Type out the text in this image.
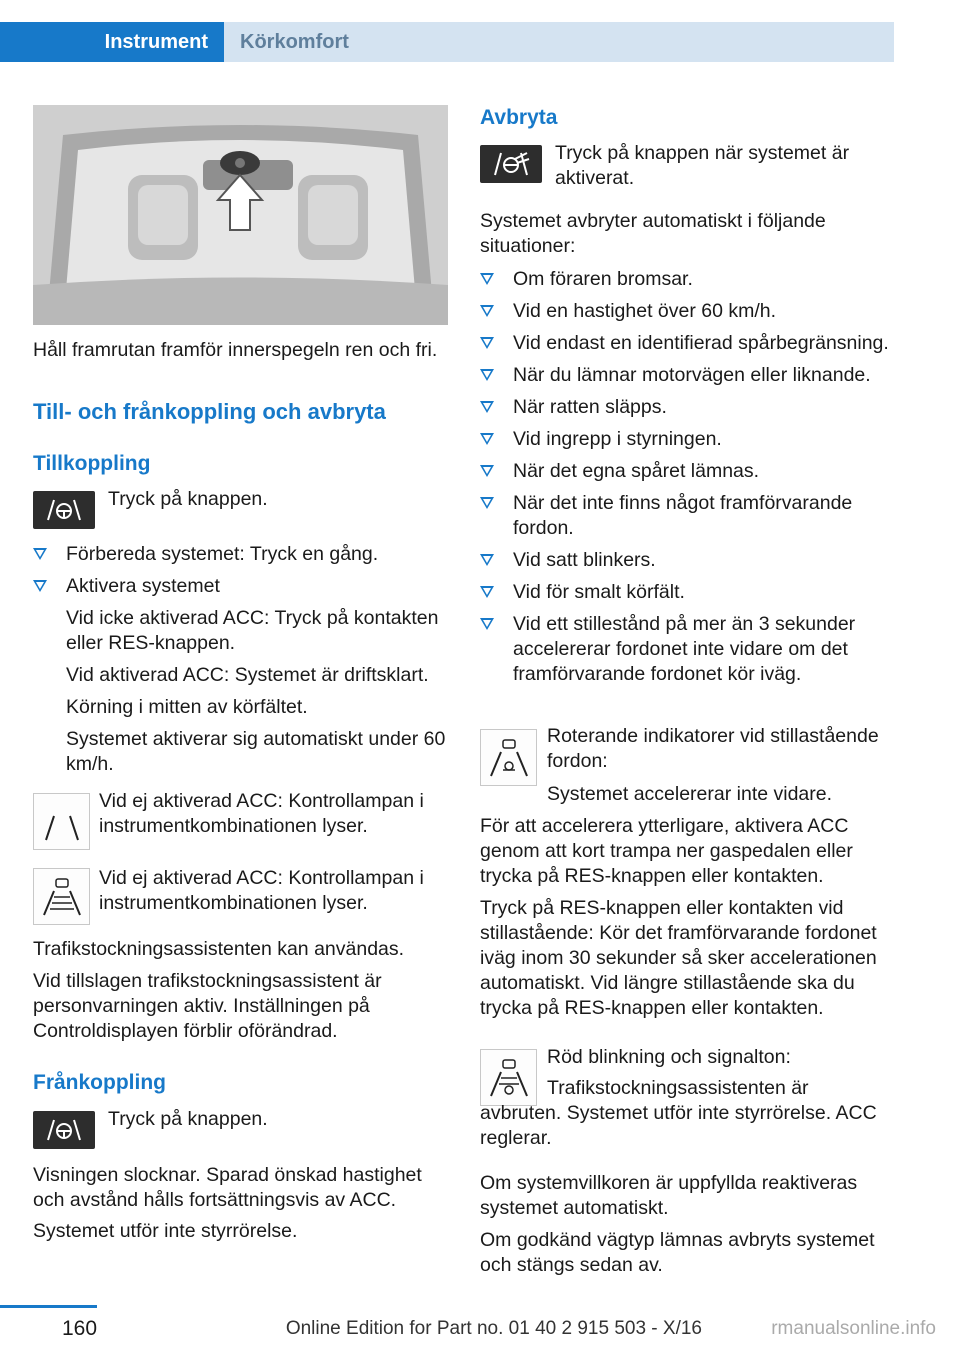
Instrument Körkomfort

Håll framrutan framför innerspegeln ren och fri.

Till- och frånkoppling och avbryta
Tillkoppling

Tryck på knappen.

Förbereda systemet: Tryck en gång.
Aktivera systemet

Vid icke aktiverad ACC: Tryck på kontakten eller RES-knappen.

Vid aktiverad ACC: Systemet är driftsklart.

Körning i mitten av körfältet.

Systemet aktiverar sig automatiskt under 60 km/h.

Vid ej aktiverad ACC: Kontrollampan i instrumentkombinationen lyser.

Vid ej aktiverad ACC: Kontrollampan i instrumentkombinationen lyser.

Trafikstockningsassistenten kan användas.

Vid tillslagen trafikstockningsassistent är personvarningen aktiv. Inställningen på Controldisplayen förblir oförändrad.

Frånkoppling

Tryck på knappen.

Visningen slocknar. Sparad önskad hastighet och avstånd hålls fortsättningsvis av ACC.

Systemet utför inte styrrörelse.

Avbryta

Tryck på knappen när systemet är aktiverat.

Systemet avbryter automatiskt i följande situationer:

Om föraren bromsar.
Vid en hastighet över 60 km/h.
Vid endast en identifierad spårbegränsning.
När du lämnar motorvägen eller liknande.
När ratten släpps.
Vid ingrepp i styrningen.
När det egna spåret lämnas.
När det inte finns något framförvarande fordon.
Vid satt blinkers.
Vid för smalt körfält.
Vid ett stillestånd på mer än 3 sekunder accelererar fordonet inte vidare om det framförvarande fordonet kör iväg.

Roterande indikatorer vid stillastående fordon:

Systemet accelererar inte vidare.

För att accelerera ytterligare, aktivera ACC genom att kort trampa ner gaspedalen eller trycka på RES-knappen eller kontakten.

Tryck på RES-knappen eller kontakten vid stillastående: Kör det framförvarande fordonet iväg inom 30 sekunder så sker accelerationen automatiskt. Vid längre stillastående ska du trycka på RES-knappen eller kontakten.

Röd blinkning och signalton:

Trafikstockningsassistenten är avbruten. Systemet utför inte styrrörelse. ACC reglerar.

Om systemvillkoren är uppfyllda reaktiveras systemet automatiskt.

Om godkänd vägtyp lämnas avbryts systemet och stängs sedan av.

160	Online Edition for Part no. 01 40 2 915 503 - X/16	rmanualsonline.info
